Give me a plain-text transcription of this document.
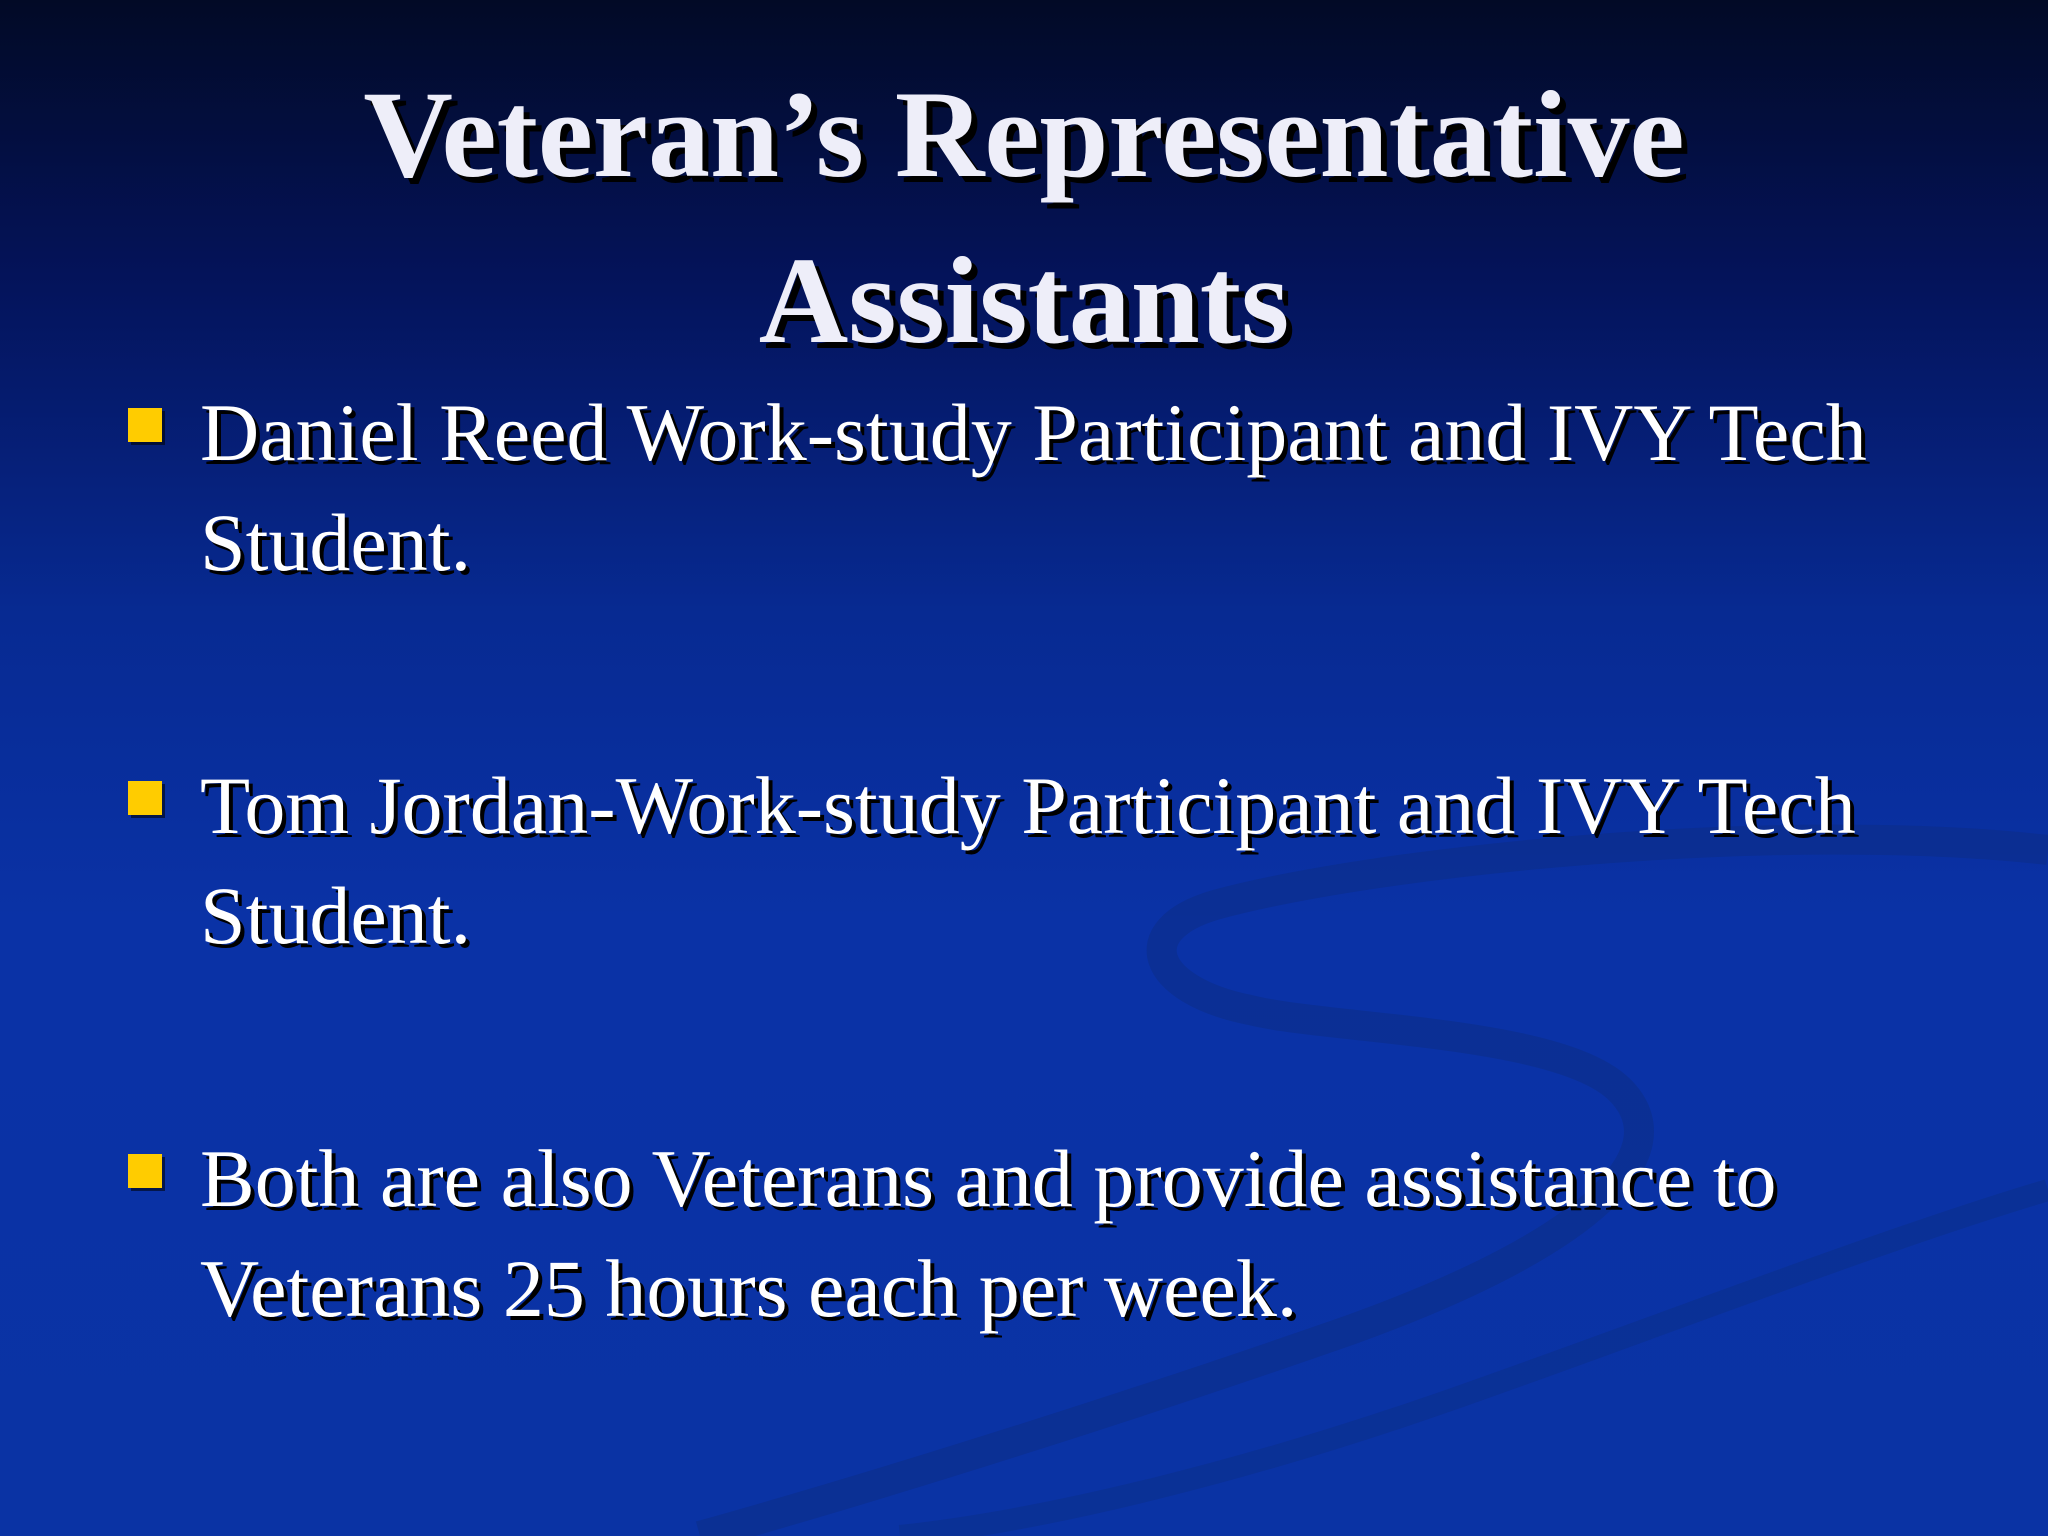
Veteran’s Representative
Assistants
Daniel Reed Work-study Participant and IVY Tech Student.
Tom Jordan-Work-study Participant and IVY Tech Student.
Both are also Veterans and provide assistance to Veterans 25 hours each per week.
